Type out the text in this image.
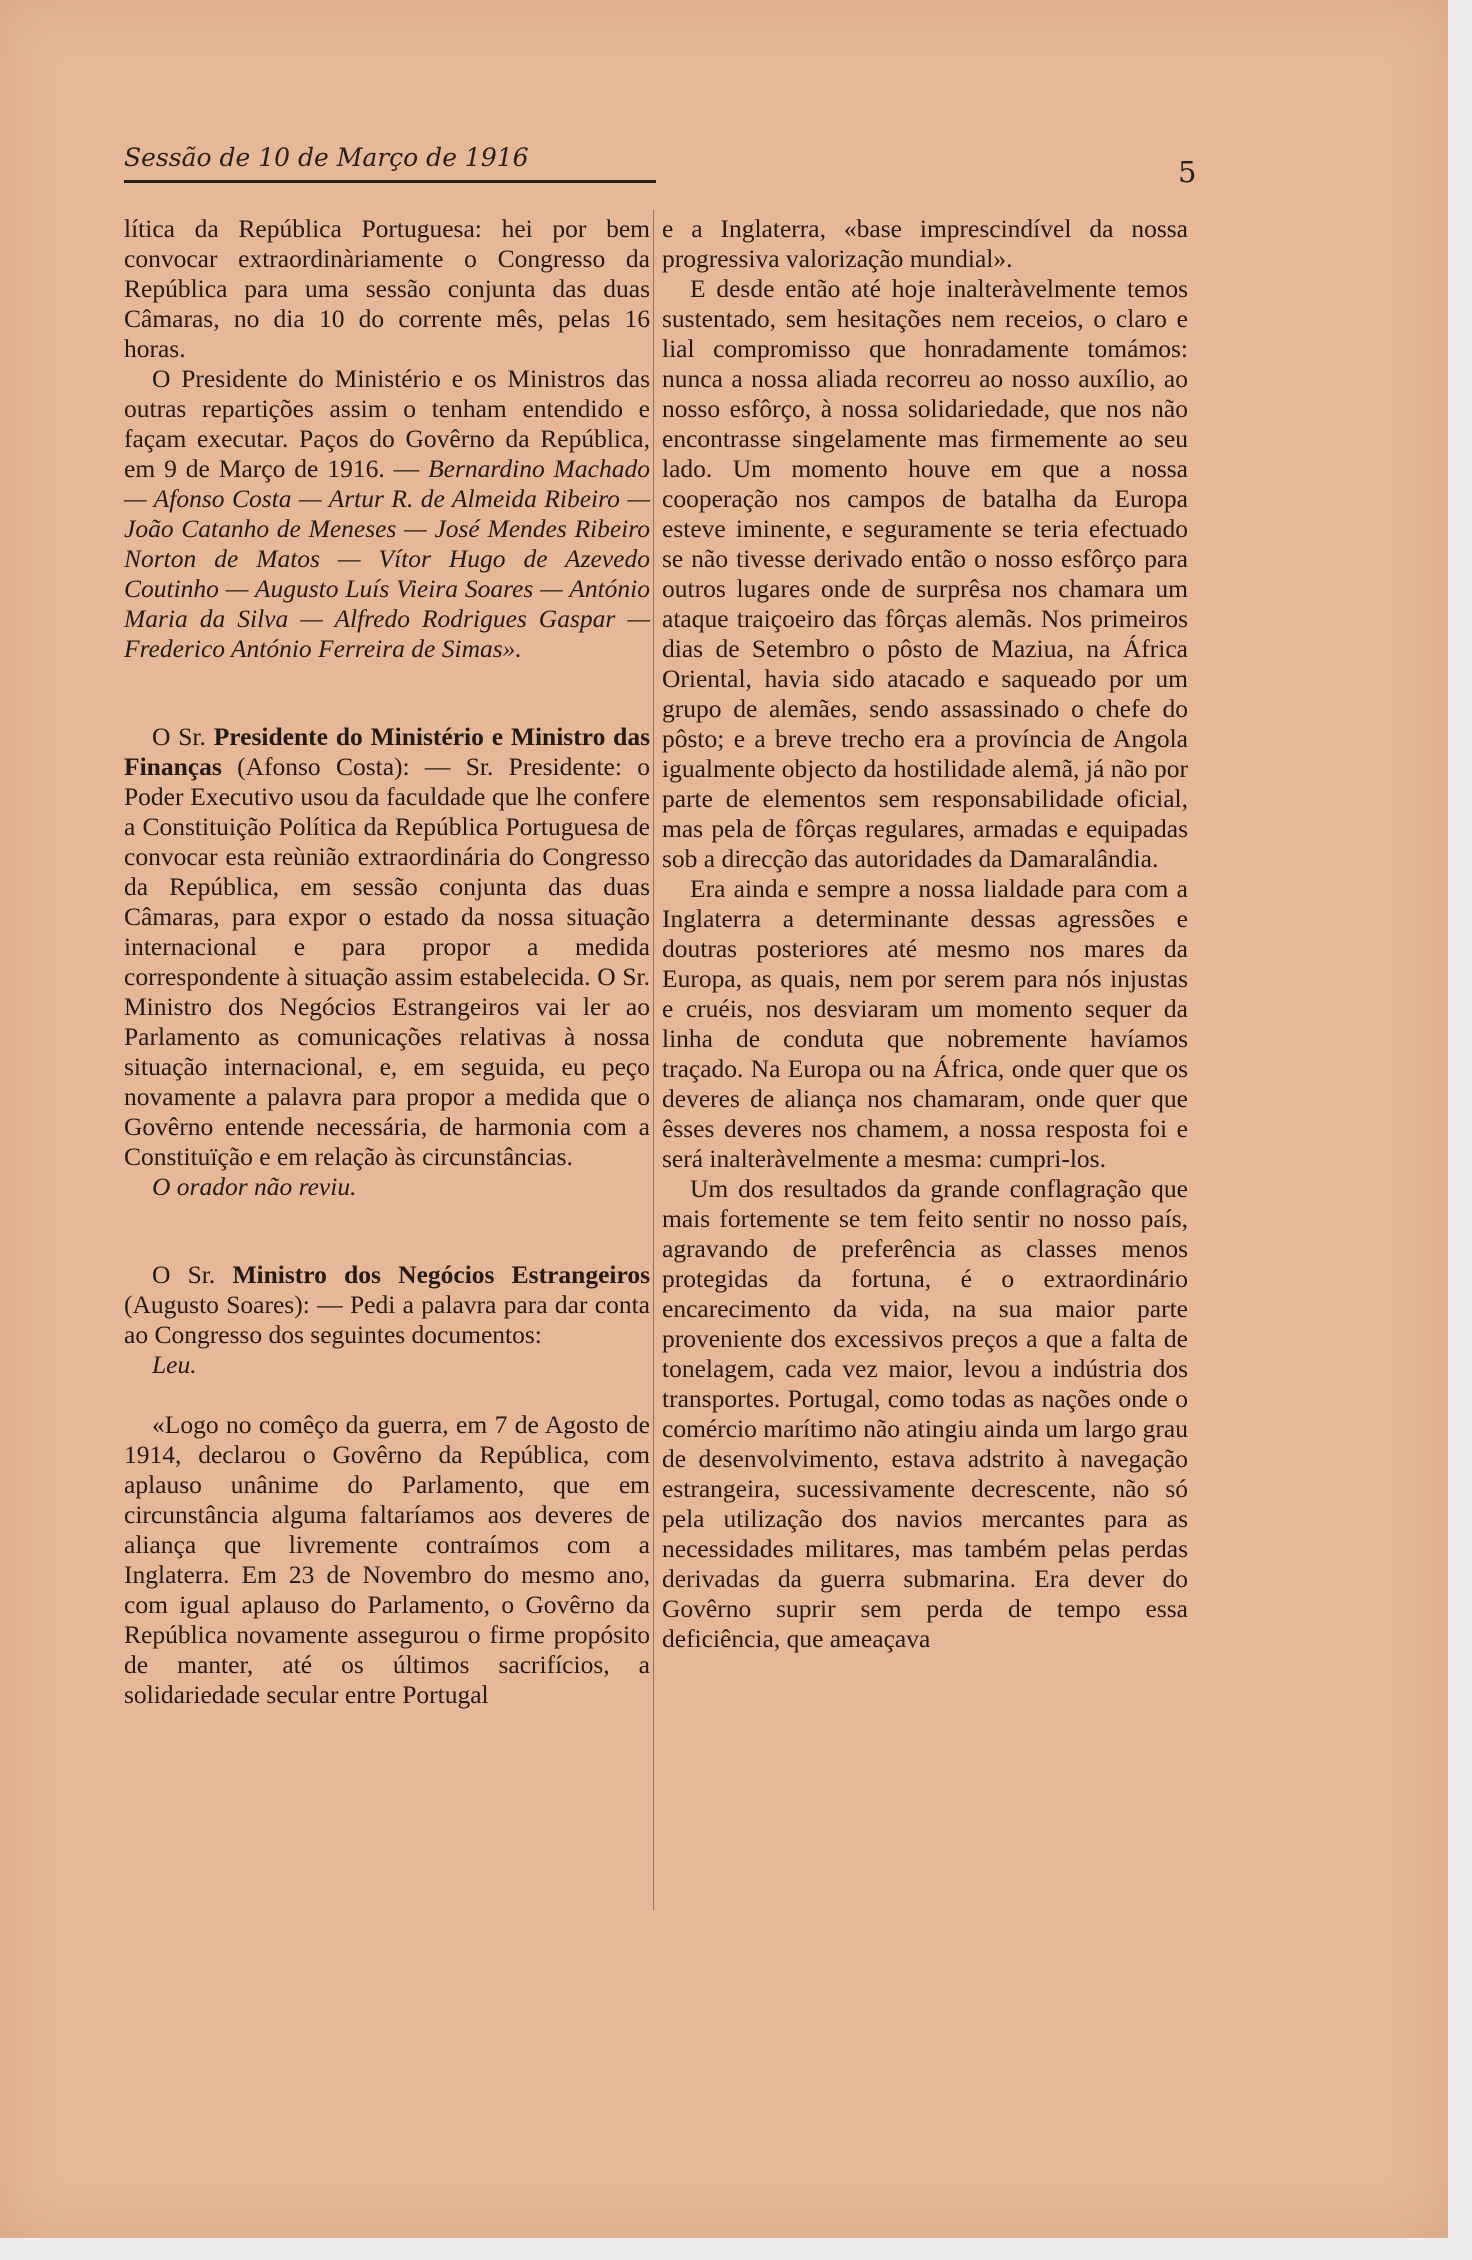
Sessão de 10 de Março de 1916	5

lítica da República Portuguesa: hei por bem convocar extraordinàriamente o Congresso da República para uma sessão conjunta das duas Câmaras, no dia 10 do corrente mês, pelas 16 horas.

O Presidente do Ministério e os Ministros das outras repartições assim o tenham entendido e façam executar. Paços do Govêrno da República, em 9 de Março de 1916. — Bernardino Machado — Afonso Costa — Artur R. de Almeida Ribeiro — João Catanho de Meneses — José Mendes Ribeiro Norton de Matos — Vítor Hugo de Azevedo Coutinho — Augusto Luís Vieira Soares — António Maria da Silva — Alfredo Rodrigues Gaspar — Frederico António Ferreira de Simas».

O Sr. Presidente do Ministério e Ministro das Finanças (Afonso Costa): — Sr. Presidente: o Poder Executivo usou da faculdade que lhe confere a Constituição Política da República Portuguesa de convocar esta reùnião extraordinária do Congresso da República, em sessão conjunta das duas Câmaras, para expor o estado da nossa situação internacional e para propor a medida correspondente à situação assim estabelecida. O Sr. Ministro dos Negócios Estrangeiros vai ler ao Parlamento as comunicações relativas à nossa situação internacional, e, em seguida, eu peço novamente a palavra para propor a medida que o Govêrno entende necessária, de harmonia com a Constituïção e em relação às circunstâncias.

O orador não reviu.

O Sr. Ministro dos Negócios Estrangeiros (Augusto Soares): — Pedi a palavra para dar conta ao Congresso dos seguintes documentos:

Leu.

«Logo no comêço da guerra, em 7 de Agosto de 1914, declarou o Govêrno da República, com aplauso unânime do Parlamento, que em circunstância alguma faltaríamos aos deveres de aliança que livremente contraímos com a Inglaterra. Em 23 de Novembro do mesmo ano, com igual aplauso do Parlamento, o Govêrno da República novamente assegurou o firme propósito de manter, até os últimos sacrifícios, a solidariedade secular entre Portugal

e a Inglaterra, «base imprescindível da nossa progressiva valorização mundial».

E desde então até hoje inalteràvelmente temos sustentado, sem hesitações nem receios, o claro e lial compromisso que honradamente tomámos: nunca a nossa aliada recorreu ao nosso auxílio, ao nosso esfôrço, à nossa solidariedade, que nos não encontrasse singelamente mas firmemente ao seu lado. Um momento houve em que a nossa cooperação nos campos de batalha da Europa esteve iminente, e seguramente se teria efectuado se não tivesse derivado então o nosso esfôrço para outros lugares onde de surprêsa nos chamara um ataque traiçoeiro das fôrças alemãs. Nos primeiros dias de Setembro o pôsto de Maziua, na África Oriental, havia sido atacado e saqueado por um grupo de alemães, sendo assassinado o chefe do pôsto; e a breve trecho era a província de Angola igualmente objecto da hostilidade alemã, já não por parte de elementos sem responsabilidade oficial, mas pela de fôrças regulares, armadas e equipadas sob a direcção das autoridades da Damaralândia.

Era ainda e sempre a nossa lialdade para com a Inglaterra a determinante dessas agressões e doutras posteriores até mesmo nos mares da Europa, as quais, nem por serem para nós injustas e cruéis, nos desviaram um momento sequer da linha de conduta que nobremente havíamos traçado. Na Europa ou na África, onde quer que os deveres de aliança nos chamaram, onde quer que êsses deveres nos chamem, a nossa resposta foi e será inalteràvelmente a mesma: cumpri-los.

Um dos resultados da grande conflagração que mais fortemente se tem feito sentir no nosso país, agravando de preferência as classes menos protegidas da fortuna, é o extraordinário encarecimento da vida, na sua maior parte proveniente dos excessivos preços a que a falta de tonelagem, cada vez maior, levou a indústria dos transportes. Portugal, como todas as nações onde o comércio marítimo não atingiu ainda um largo grau de desenvolvimento, estava adstrito à navegação estrangeira, sucessivamente decrescente, não só pela utilização dos navios mercantes para as necessidades militares, mas também pelas perdas derivadas da guerra submarina. Era dever do Govêrno suprir sem perda de tempo essa deficiência, que ameaçava
